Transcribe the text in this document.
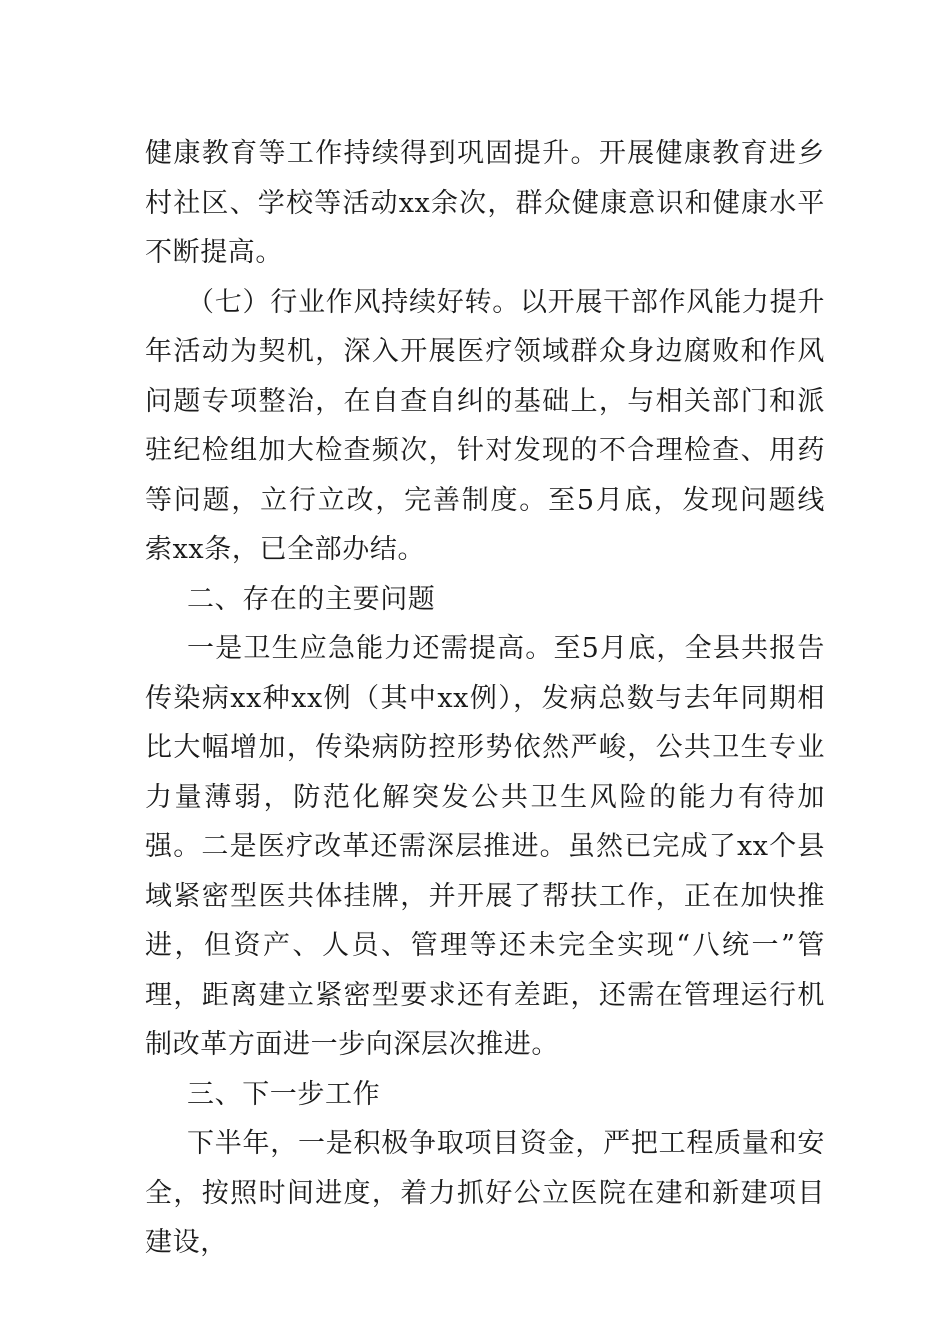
健康教育等工作持续得到巩固提升。开展健康教育进乡村社区、学校等活动xx余次，群众健康意识和健康水平不断提高。

（七）行业作风持续好转。以开展干部作风能力提升年活动为契机，深入开展医疗领域群众身边腐败和作风问题专项整治，在自查自纠的基础上，与相关部门和派驻纪检组加大检查频次，针对发现的不合理检查、用药等问题，立行立改，完善制度。至5月底，发现问题线索xx条，已全部办结。

二、存在的主要问题

一是卫生应急能力还需提高。至5月底，全县共报告传染病xx种xx例（其中xx例），发病总数与去年同期相比大幅增加，传染病防控形势依然严峻，公共卫生专业力量薄弱，防范化解突发公共卫生风险的能力有待加强。二是医疗改革还需深层推进。虽然已完成了xx个县域紧密型医共体挂牌，并开展了帮扶工作，正在加快推进，但资产、人员、管理等还未完全实现“八统一”管理，距离建立紧密型要求还有差距，还需在管理运行机制改革方面进一步向深层次推进。

三、下一步工作

下半年，一是积极争取项目资金，严把工程质量和安全，按照时间进度，着力抓好公立医院在建和新建项目建设，
